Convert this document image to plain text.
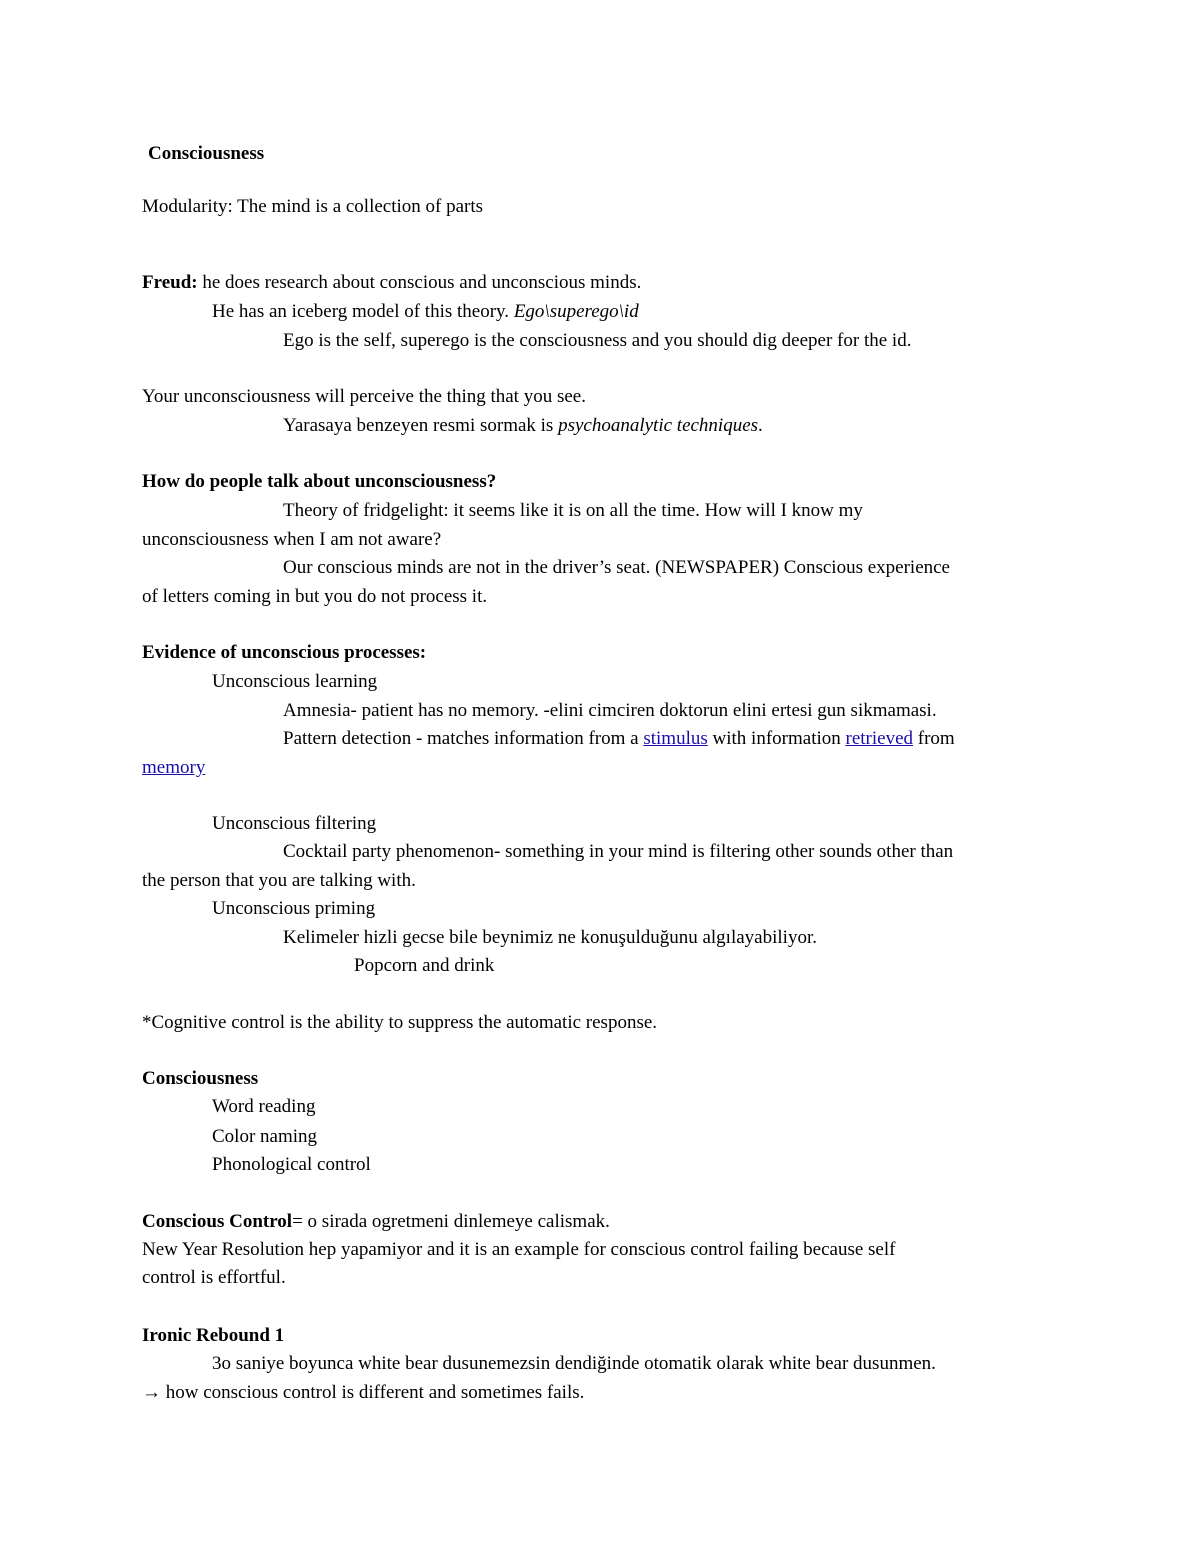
Consciousness
Modularity: The mind is a collection of parts
Freud: he does research about conscious and unconscious minds.
He has an iceberg model of this theory. Ego\superego\id
Ego is the self, superego is the consciousness and you should dig deeper for the id.
Your unconsciousness will perceive the thing that you see.
Yarasaya benzeyen resmi sormak is psychoanalytic techniques.
How do people talk about unconsciousness?
Theory of fridgelight: it seems like it is on all the time. How will I know my
unconsciousness when I am not aware?
Our conscious minds are not in the driver’s seat. (NEWSPAPER) Conscious experience
of letters coming in but you do not process it.
Evidence of unconscious processes:
Unconscious learning
Amnesia- patient has no memory. -elini cimciren doktorun elini ertesi gun sikmamasi.
Pattern detection - matches information from a stimulus with information retrieved from
memory
Unconscious filtering
Cocktail party phenomenon- something in your mind is filtering other sounds other than
the person that you are talking with.
Unconscious priming
Kelimeler hizli gecse bile beynimiz ne konuşulduğunu algılayabiliyor.
Popcorn and drink
*Cognitive control is the ability to suppress the automatic response.
Consciousness
Word reading
Color naming
Phonological control
Conscious Control= o sirada ogretmeni dinlemeye calismak.
New Year Resolution hep yapamiyor and it is an example for conscious control failing because self
control is effortful.
Ironic Rebound 1
3o saniye boyunca white bear dusunemezsin dendiğinde otomatik olarak white bear dusunmen.
→ how conscious control is different and sometimes fails.
